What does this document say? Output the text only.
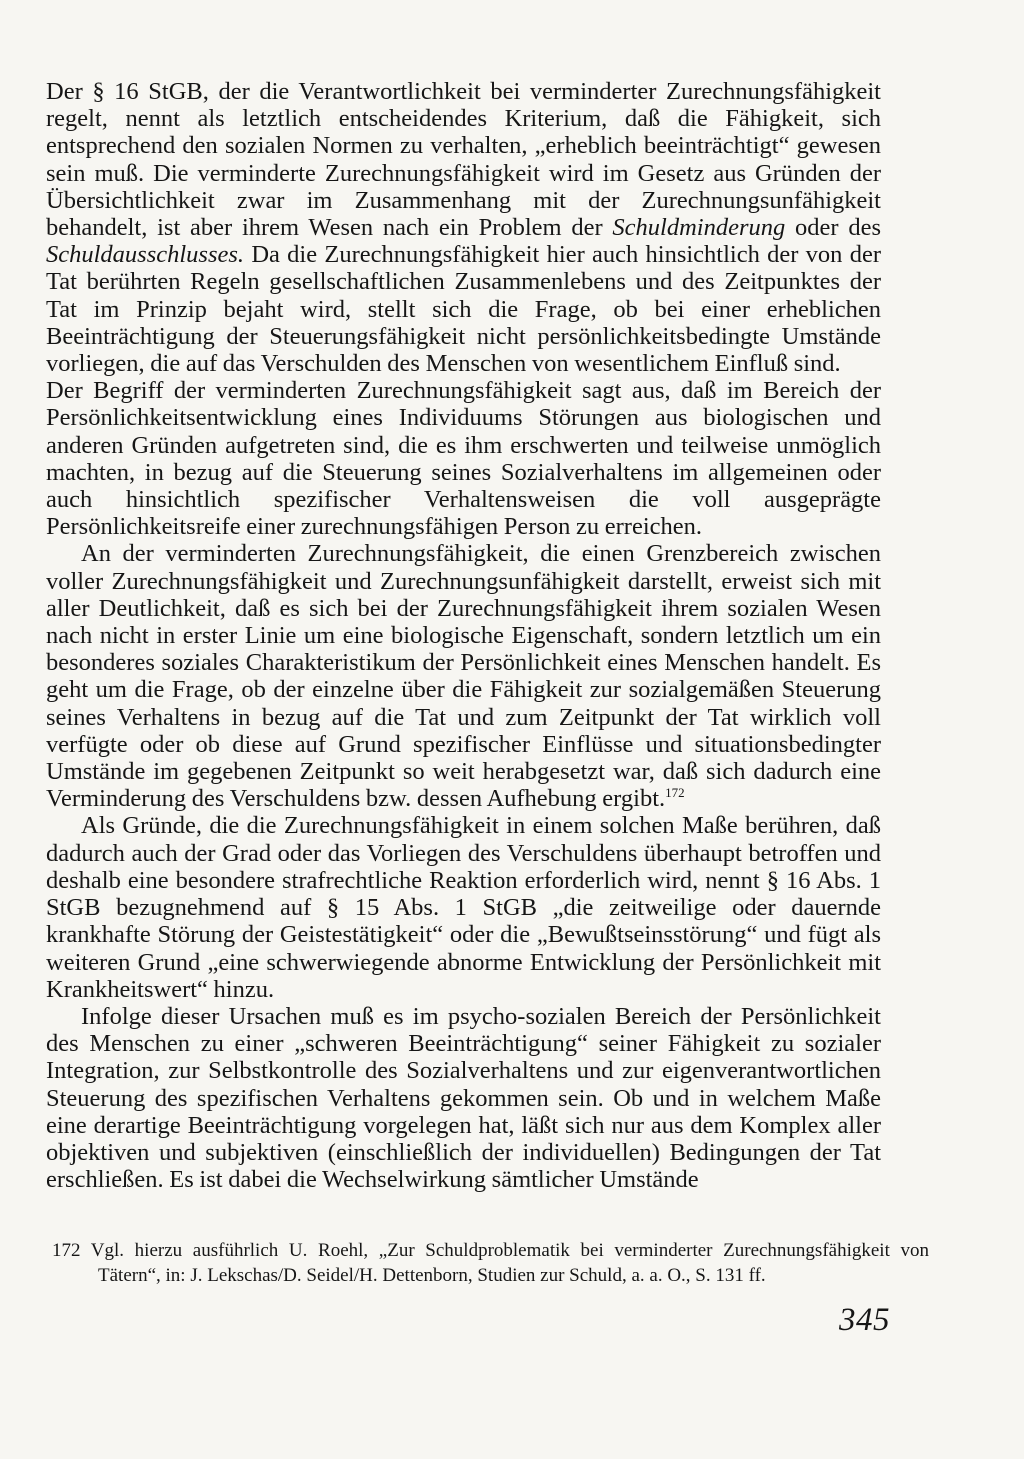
Der § 16 StGB, der die Verantwortlichkeit bei verminderter Zurechnungsfähigkeit regelt, nennt als letztlich entscheidendes Kriterium, daß die Fähigkeit, sich entsprechend den sozialen Normen zu verhalten, „erheblich beeinträchtigt“ gewesen sein muß. Die verminderte Zurechnungsfähigkeit wird im Gesetz aus Gründen der Übersichtlichkeit zwar im Zusammenhang mit der Zurechnungsunfähigkeit behandelt, ist aber ihrem Wesen nach ein Problem der Schuldminderung oder des Schuldausschlusses. Da die Zurechnungsfähigkeit hier auch hinsichtlich der von der Tat berührten Regeln gesellschaftlichen Zusammenlebens und des Zeitpunktes der Tat im Prinzip bejaht wird, stellt sich die Frage, ob bei einer erheblichen Beeinträchtigung der Steuerungsfähigkeit nicht persönlichkeitsbedingte Umstände vorliegen, die auf das Verschulden des Menschen von wesentlichem Einfluß sind.

Der Begriff der verminderten Zurechnungsfähigkeit sagt aus, daß im Bereich der Persönlichkeitsentwicklung eines Individuums Störungen aus biologischen und anderen Gründen aufgetreten sind, die es ihm erschwerten und teilweise unmöglich machten, in bezug auf die Steuerung seines Sozialverhaltens im allgemeinen oder auch hinsichtlich spezifischer Verhaltensweisen die voll ausgeprägte Persönlichkeitsreife einer zurechnungsfähigen Person zu erreichen.

An der verminderten Zurechnungsfähigkeit, die einen Grenzbereich zwischen voller Zurechnungsfähigkeit und Zurechnungsunfähigkeit darstellt, erweist sich mit aller Deutlichkeit, daß es sich bei der Zurechnungsfähigkeit ihrem sozialen Wesen nach nicht in erster Linie um eine biologische Eigenschaft, sondern letztlich um ein besonderes soziales Charakteristikum der Persönlichkeit eines Menschen handelt. Es geht um die Frage, ob der einzelne über die Fähigkeit zur sozialgemäßen Steuerung seines Verhaltens in bezug auf die Tat und zum Zeitpunkt der Tat wirklich voll verfügte oder ob diese auf Grund spezifischer Einflüsse und situationsbedingter Umstände im gegebenen Zeitpunkt so weit herabgesetzt war, daß sich dadurch eine Verminderung des Verschuldens bzw. dessen Aufhebung ergibt.$^{172}$

Als Gründe, die die Zurechnungsfähigkeit in einem solchen Maße berühren, daß dadurch auch der Grad oder das Vorliegen des Verschuldens überhaupt betroffen und deshalb eine besondere strafrechtliche Reaktion erforderlich wird, nennt § 16 Abs. 1 StGB bezugnehmend auf § 15 Abs. 1 StGB „die zeitweilige oder dauernde krankhafte Störung der Geistestätigkeit“ oder die „Bewußtseinsstörung“ und fügt als weiteren Grund „eine schwerwiegende abnorme Entwicklung der Persönlichkeit mit Krankheitswert“ hinzu.

Infolge dieser Ursachen muß es im psycho-sozialen Bereich der Persönlichkeit des Menschen zu einer „schweren Beeinträchtigung“ seiner Fähigkeit zu sozialer Integration, zur Selbstkontrolle des Sozialverhaltens und zur eigenverantwortlichen Steuerung des spezifischen Verhaltens gekommen sein. Ob und in welchem Maße eine derartige Beeinträchtigung vorgelegen hat, läßt sich nur aus dem Komplex aller objektiven und subjektiven (einschließlich der individuellen) Bedingungen der Tat erschließen. Es ist dabei die Wechselwirkung sämtlicher Umstände

172 Vgl. hierzu ausführlich U. Roehl, „Zur Schuldproblematik bei verminderter Zurechnungsfähigkeit von Tätern“, in: J. Lekschas/D. Seidel/H. Dettenborn, Studien zur Schuld, a. a. O., S. 131 ff.
345
